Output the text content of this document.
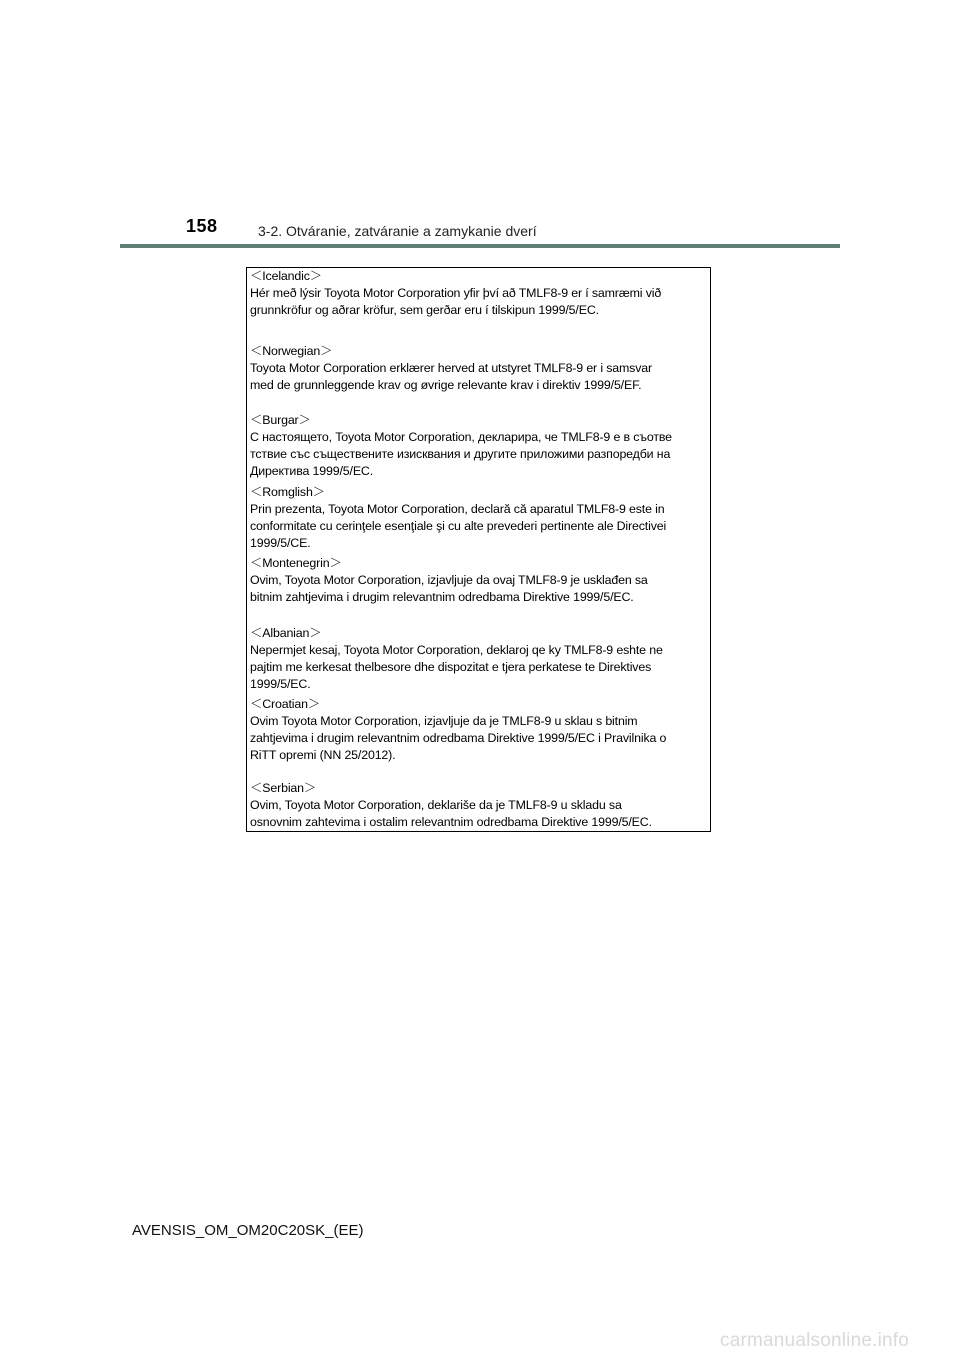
158	3-2. Otváranie, zatváranie a zamykanie dverí
＜Icelandic＞
Hér með lýsir Toyota Motor Corporation yfir því að TMLF8-9 er í samræmi við
grunnkröfur og aðrar kröfur, sem gerðar eru í tilskipun 1999/5/EC.
＜Norwegian＞
Toyota Motor Corporation erklærer herved at utstyret TMLF8-9 er i samsvar
med de grunnleggende krav og øvrige relevante krav i direktiv 1999/5/EF.
＜Burgar＞
С настоящето, Toyota Motor Corporation, декларира, че TMLF8-9 е в съотве
тствие със съществените изисквания и другите приложими разпоредби на
Директива 1999/5/EC.
＜Romglish＞
Prin prezenta, Toyota Motor Corporation, declară că aparatul TMLF8-9 este in
conformitate cu cerinţele esenţiale şi cu alte prevederi pertinente ale Directivei
1999/5/CE.
＜Montenegrin＞
Ovim, Toyota Motor Corporation, izjavljuje da ovaj TMLF8-9 je usklađen sa
bitnim zahtjevima i drugim relevantnim odredbama Direktive 1999/5/EC.
＜Albanian＞
Nepermjet kesaj, Toyota Motor Corporation, deklaroj qe ky TMLF8-9 eshte ne
pajtim me kerkesat thelbesore dhe dispozitat e tjera perkatese te Direktives
1999/5/EC.
＜Croatian＞
Ovim Toyota Motor Corporation, izjavljuje da je TMLF8-9 u sklau s bitnim
zahtjevima i drugim relevantnim odredbama Direktive 1999/5/EC i Pravilnika o
RiTT opremi (NN 25/2012).
＜Serbian＞
Ovim, Toyota Motor Corporation, deklariše da je TMLF8-9 u skladu sa
osnovnim zahtevima i ostalim relevantnim odredbama Direktive 1999/5/EC.
AVENSIS_OM_OM20C20SK_(EE)
carmanualsonline.info
